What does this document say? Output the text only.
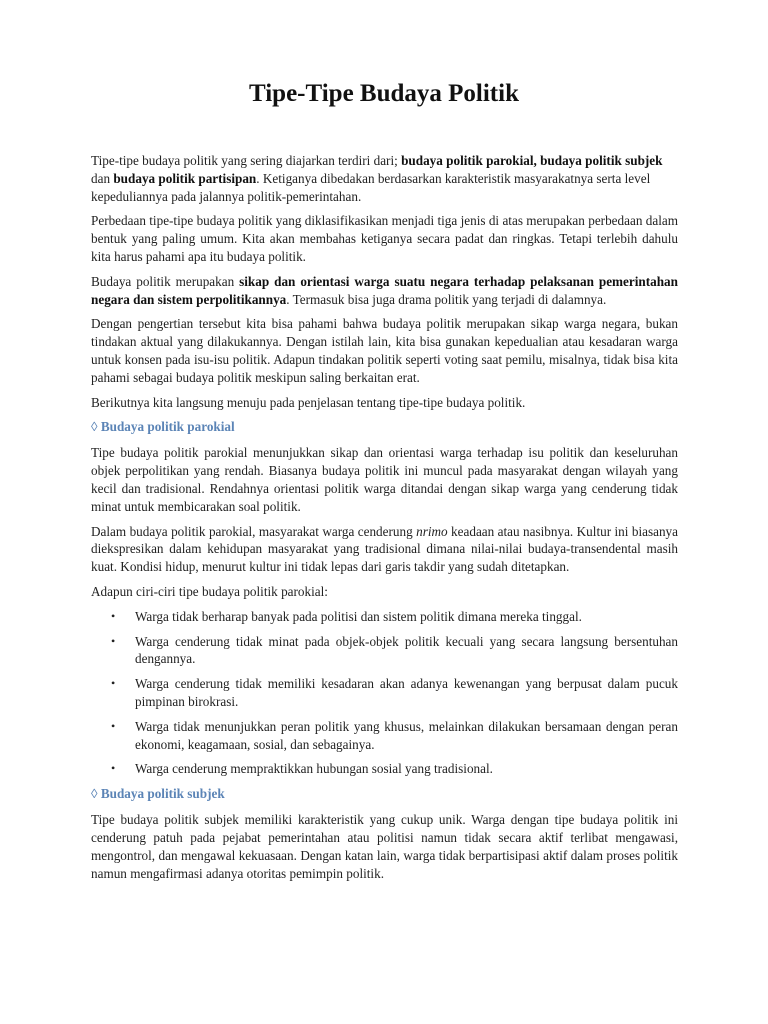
Tipe-Tipe Budaya Politik

Tipe-tipe budaya politik yang sering diajarkan terdiri dari; budaya politik parokial, budaya politik subjek dan budaya politik partisipan. Ketiganya dibedakan berdasarkan karakteristik masyarakatnya serta level kepeduliannya pada jalannya politik-pemerintahan.

Perbedaan tipe-tipe budaya politik yang diklasifikasikan menjadi tiga jenis di atas merupakan perbedaan dalam bentuk yang paling umum. Kita akan membahas ketiganya secara padat dan ringkas. Tetapi terlebih dahulu kita harus pahami apa itu budaya politik.

Budaya politik merupakan sikap dan orientasi warga suatu negara terhadap pelaksanan pemerintahan negara dan sistem perpolitikannya. Termasuk bisa juga drama politik yang terjadi di dalamnya.

Dengan pengertian tersebut kita bisa pahami bahwa budaya politik merupakan sikap warga negara, bukan tindakan aktual yang dilakukannya. Dengan istilah lain, kita bisa gunakan kepedualian atau kesadaran warga untuk konsen pada isu-isu politik. Adapun tindakan politik seperti voting saat pemilu, misalnya, tidak bisa kita pahami sebagai budaya politik meskipun saling berkaitan erat.

Berikutnya kita langsung menuju pada penjelasan tentang tipe-tipe budaya politik.

◊ Budaya politik parokial

Tipe budaya politik parokial menunjukkan sikap dan orientasi warga terhadap isu politik dan keseluruhan objek perpolitikan yang rendah. Biasanya budaya politik ini muncul pada masyarakat dengan wilayah yang kecil dan tradisional. Rendahnya orientasi politik warga ditandai dengan sikap warga yang cenderung tidak minat untuk membicarakan soal politik.

Dalam budaya politik parokial, masyarakat warga cenderung nrimo keadaan atau nasibnya. Kultur ini biasanya diekspresikan dalam kehidupan masyarakat yang tradisional dimana nilai-nilai budaya-transendental masih kuat. Kondisi hidup, menurut kultur ini tidak lepas dari garis takdir yang sudah ditetapkan.

Adapun ciri-ciri tipe budaya politik parokial:

• Warga tidak berharap banyak pada politisi dan sistem politik dimana mereka tinggal.
• Warga cenderung tidak minat pada objek-objek politik kecuali yang secara langsung bersentuhan dengannya.
• Warga cenderung tidak memiliki kesadaran akan adanya kewenangan yang berpusat dalam pucuk pimpinan birokrasi.
• Warga tidak menunjukkan peran politik yang khusus, melainkan dilakukan bersamaan dengan peran ekonomi, keagamaan, sosial, dan sebagainya.
• Warga cenderung mempraktikkan hubungan sosial yang tradisional.
◊ Budaya politik subjek

Tipe budaya politik subjek memiliki karakteristik yang cukup unik. Warga dengan tipe budaya politik ini cenderung patuh pada pejabat pemerintahan atau politisi namun tidak secara aktif terlibat mengawasi, mengontrol, dan mengawal kekuasaan. Dengan katan lain, warga tidak berpartisipasi aktif dalam proses politik namun mengafirmasi adanya otoritas pemimpin politik.
